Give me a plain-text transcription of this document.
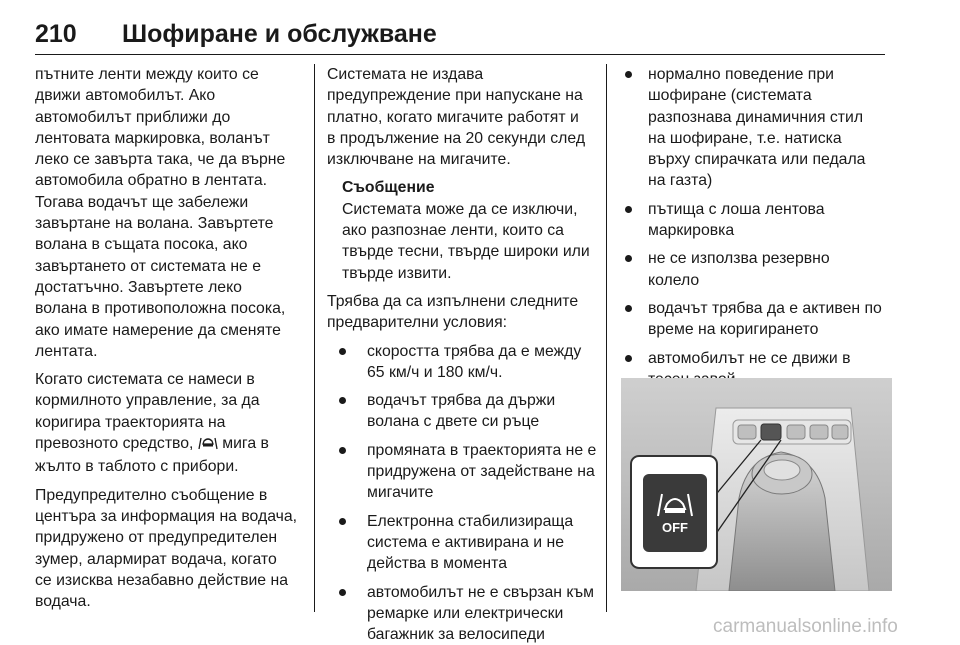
210 Шофиране и обслужване
пътните ленти между които се
движи автомобилът. Ако
автомобилът приближи до
лентовата маркировка, воланът
леко се завърта така, че да върне
автомобила обратно в лентата.
Тогава водачът ще забележи
завъртане на волана. Завъртете
волана в същата посока, ако
завъртането от системата не е
достатъчно. Завъртете леко
волана в противоположна посока,
ако имате намерение да сменяте
лентата.
Когато системата се намеси в
кормилното управление, за да
коригира траекторията на
превозното средство, мига в
жълто в таблото с прибори.
Предупредително съобщение в
центъра за информация на водача,
придружено от предупредителен
зумер, алармират водача, когато
се изисква незабавно действие на
водача.
Системата не издава
предупреждение при напускане на
платно, когато мигачите работят и
в продължение на 20 секунди след
изключване на мигачите.
Съобщение
Системата може да се изключи,
ако разпознае ленти, които са
твърде тесни, твърде широки или
твърде извити.
Трябва да са изпълнени следните
предварителни условия:
скоростта трябва да е между
65 км/ч и 180 км/ч.
водачът трябва да държи
волана с двете си ръце
промяната в траекторията не е
придружена от задействане на
мигачите
Електронна стабилизираща
система е активирана и не
действа в момента
автомобилът не е свързан към
ремарке или електрически
багажник за велосипеди
нормално поведение при
шофиране (системата
разпознава динамичния стил
на шофиране, т.е. натиска
върху спирачката или педала
на газта)
пътища с лоша лентова
маркировка
не се използва резервно
колело
водачът трябва да е активен по
време на коригирането
автомобилът не се движи в
OFF
carmanualsonline.info
